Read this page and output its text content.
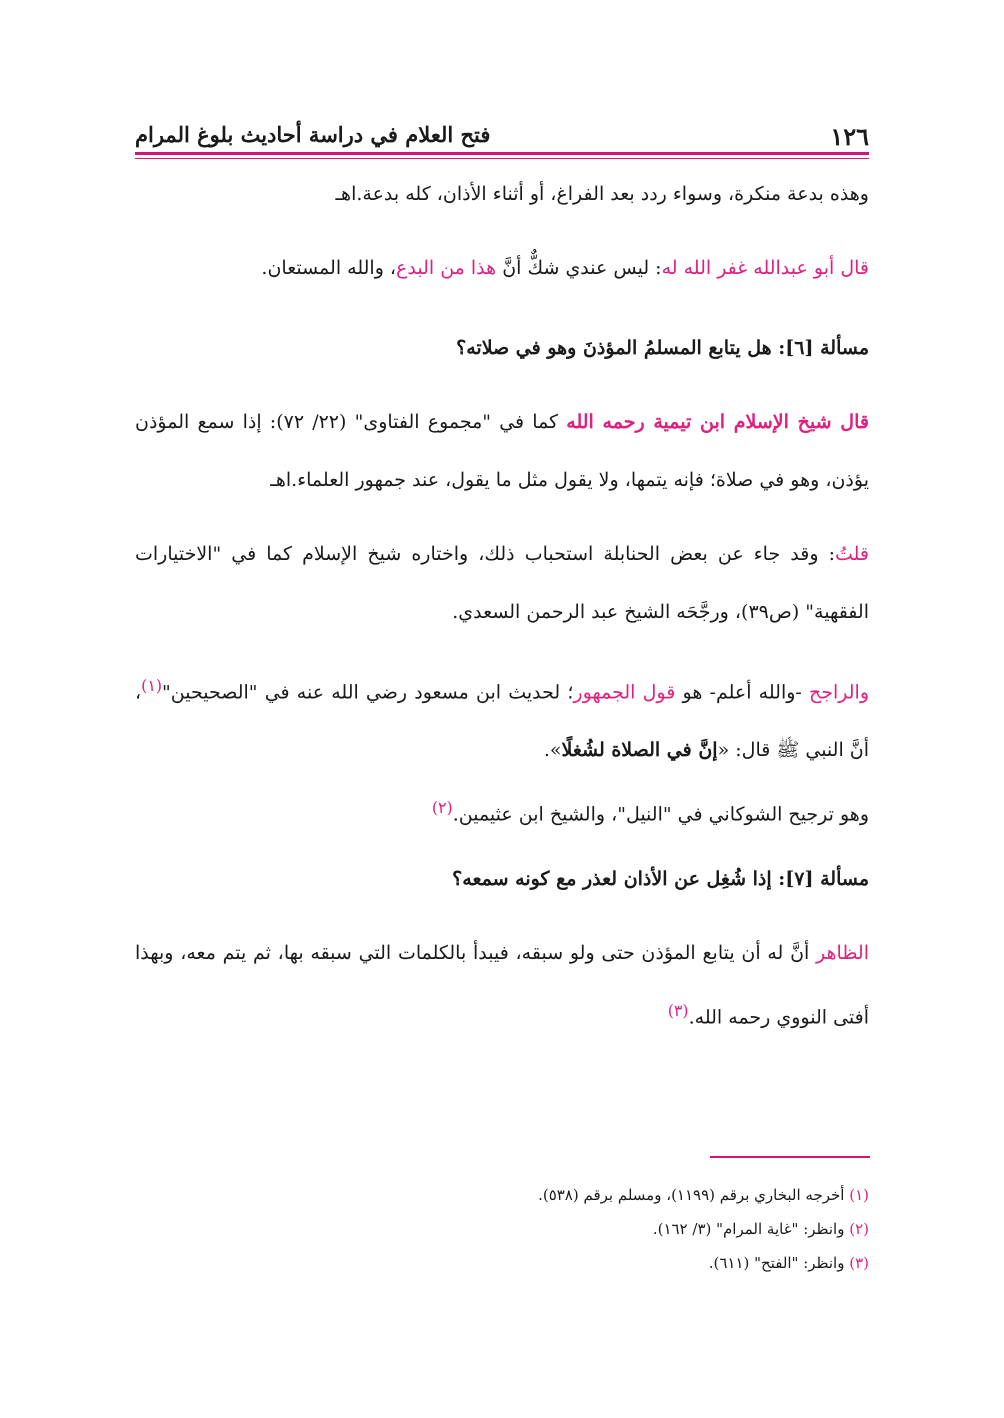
١٢٦
فتح العلام في دراسة أحاديث بلوغ المرام

وهذه بدعة منكرة، وسواء ردد بعد الفراغ، أو أثناء الأذان، كله بدعة.اهـ

قال أبو عبدالله غفر الله له: ليس عندي شكٌّ أنَّ هذا من البدع، والله المستعان.

مسألة [٦]: هل يتابع المسلمُ المؤذنَ وهو في صلاته؟

قال شيخ الإسلام ابن تيمية رحمه الله كما في "مجموع الفتاوى" (٢٢/ ٧٢): إذا سمع المؤذن يؤذن، وهو في صلاة؛ فإنه يتمها، ولا يقول مثل ما يقول، عند جمهور العلماء.اهـ

قلتُ: وقد جاء عن بعض الحنابلة استحباب ذلك، واختاره شيخ الإسلام كما في "الاختيارات الفقهية" (ص٣٩)، ورجَّحَه الشيخ عبد الرحمن السعدي.

والراجح -والله أعلم- هو قول الجمهور؛ لحديث ابن مسعود رضي الله عنه في "الصحيحين"$^{(١)}$، أنَّ النبي ﷺ قال: «إنَّ في الصلاة لشُغلًا».

وهو ترجيح الشوكاني في "النيل"، والشيخ ابن عثيمين.$^{(٢)}$

مسألة [٧]: إذا شُغِل عن الأذان لعذر مع كونه سمعه؟

الظاهر أنَّ له أن يتابع المؤذن حتى ولو سبقه، فيبدأ بالكلمات التي سبقه بها، ثم يتم معه، وبهذا أفتى النووي رحمه الله.$^{(٣)}$

(١) أخرجه البخاري برقم (١١٩٩)، ومسلم برقم (٥٣٨).
(٢) وانظر: "غاية المرام" (٣/ ١٦٢).
(٣) وانظر: "الفتح" (٦١١).
